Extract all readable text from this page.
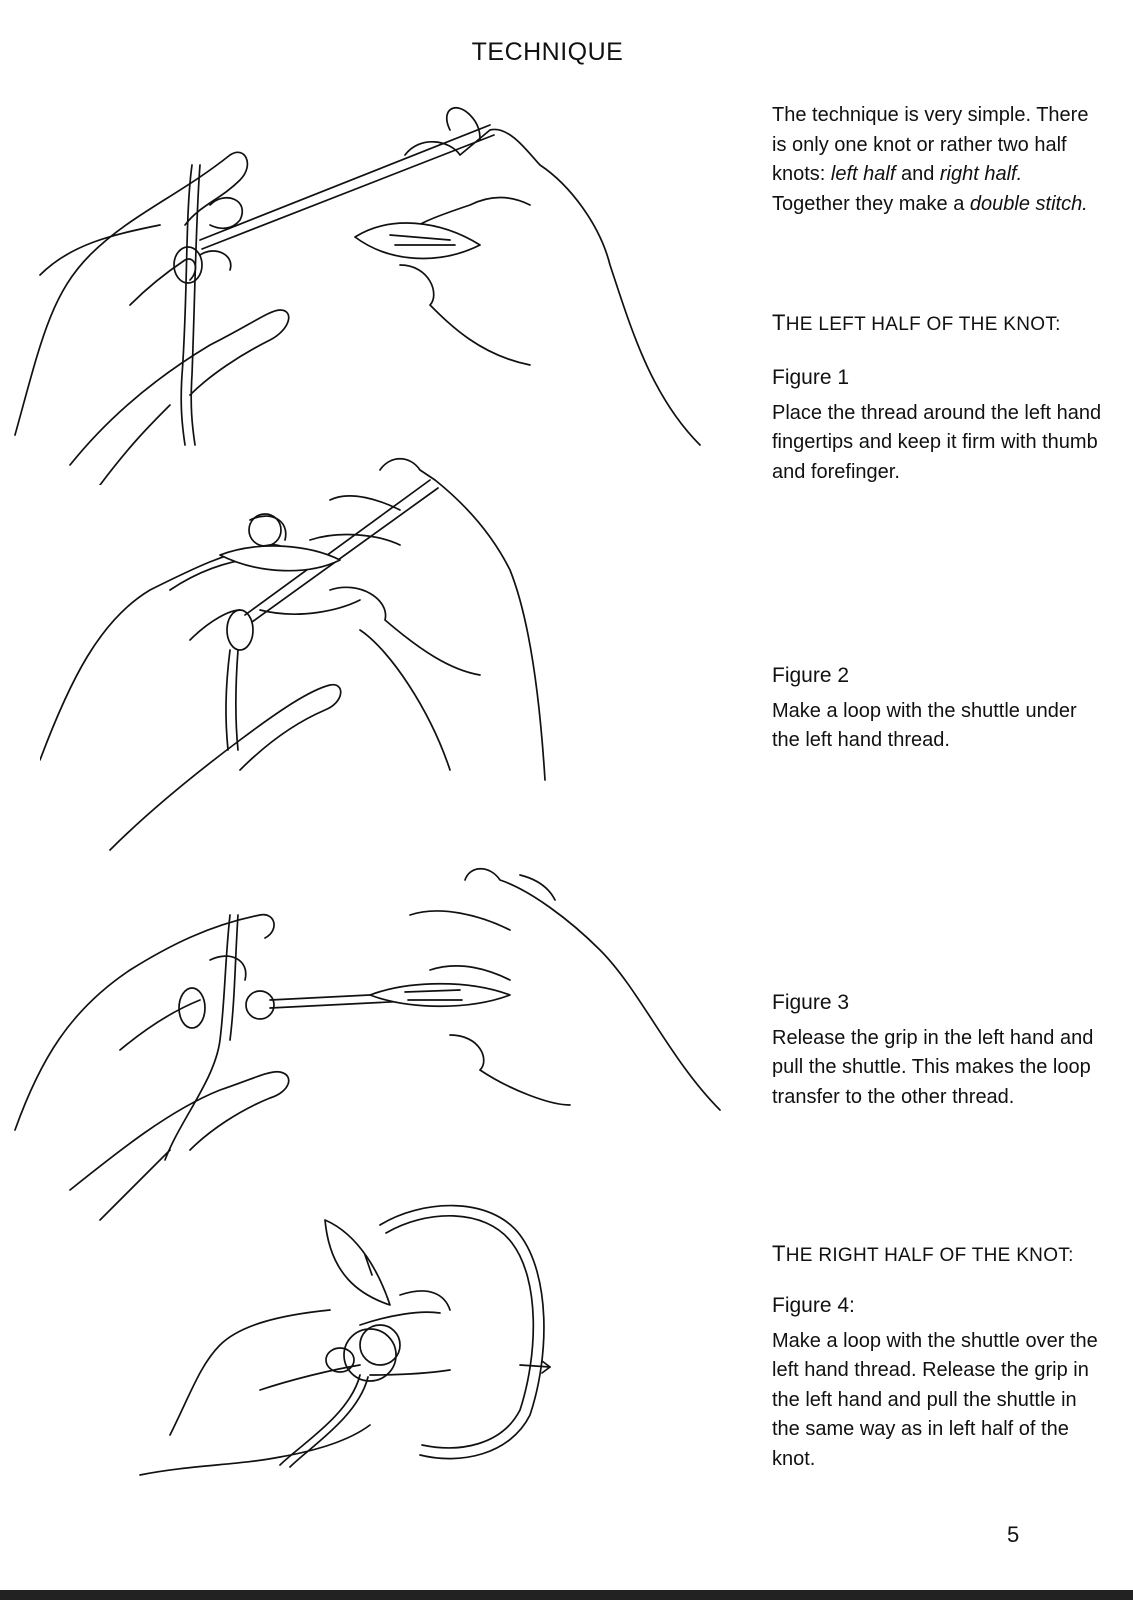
TECHNIQUE

The technique is very simple. There is only one knot or rather two half knots: left half and right half. Together they make a double stitch.

THE LEFT HALF OF THE KNOT:

Figure 1

Place the thread around the left hand fingertips and keep it firm with thumb and forefinger.

Figure 2

Make a loop with the shuttle under the left hand thread.

Figure 3

Release the grip in the left hand and pull the shuttle. This makes the loop transfer to the other thread.

THE RIGHT HALF OF THE KNOT:

Figure 4:

Make a loop with the shuttle over the left hand thread. Release the grip in the left hand and pull the shuttle in the same way as in left half of the knot.

5
